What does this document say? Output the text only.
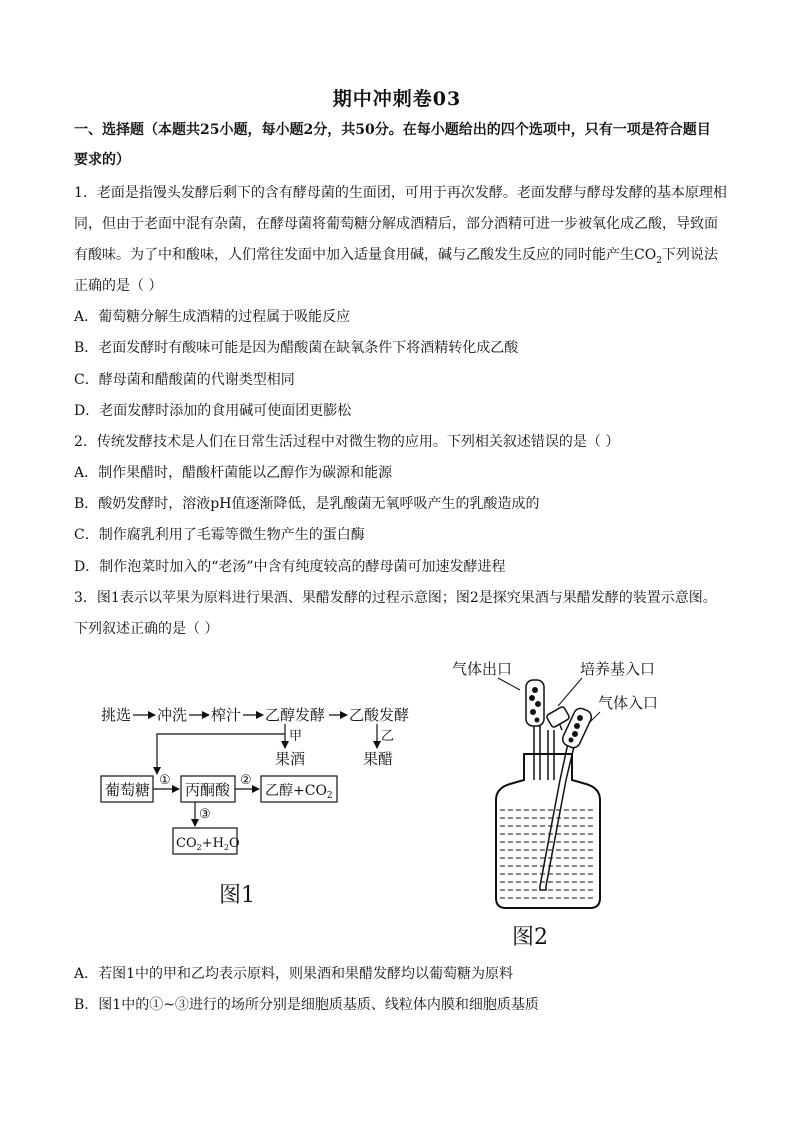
期中冲刺卷03
一、选择题（本题共25小题，每小题2分，共50分。在每小题给出的四个选项中，只有一项是符合题目
要求的）
1．老面是指馒头发酵后剩下的含有酵母菌的生面团，可用于再次发酵。老面发酵与酵母发酵的基本原理相
同，但由于老面中混有杂菌，在酵母菌将葡萄糖分解成酒精后，部分酒精可进一步被氧化成乙酸，导致面
有酸味。为了中和酸味，人们常往发面中加入适量食用碱，碱与乙酸发生反应的同时能产生$CO_2$下列说法
正确的是（ ）
A．葡萄糖分解生成酒精的过程属于吸能反应
B．老面发酵时有酸味可能是因为醋酸菌在缺氧条件下将酒精转化成乙酸
C．酵母菌和醋酸菌的代谢类型相同
D．老面发酵时添加的食用碱可使面团更膨松
2．传统发酵技术是人们在日常生活过程中对微生物的应用。下列相关叙述错误的是（ ）
A．制作果醋时，醋酸杆菌能以乙醇作为碳源和能源
B．酸奶发酵时，溶液pH值逐渐降低，是乳酸菌无氧呼吸产生的乳酸造成的
C．制作腐乳利用了毛霉等微生物产生的蛋白酶
D．制作泡菜时加入的“老汤”中含有纯度较高的酵母菌可加速发酵进程
3．图1表示以苹果为原料进行果酒、果醋发酵的过程示意图；图2是探究果酒与果醋发酵的装置示意图。
下列叙述正确的是（ ）
挑选 冲洗 榨汁 乙醇发酵 乙酸发酵
甲	乙
果酒	果醋
葡萄糖
①
丙酮酸
②
乙醇$+CO_2$
③
$CO_2+H_2O$
图1
气体出口	培养基入口
气体入口
图2
A．若图1中的甲和乙均表示原料，则果酒和果醋发酵均以葡萄糖为原料
B．图1中的①~③进行的场所分别是细胞质基质、线粒体内膜和细胞质基质
